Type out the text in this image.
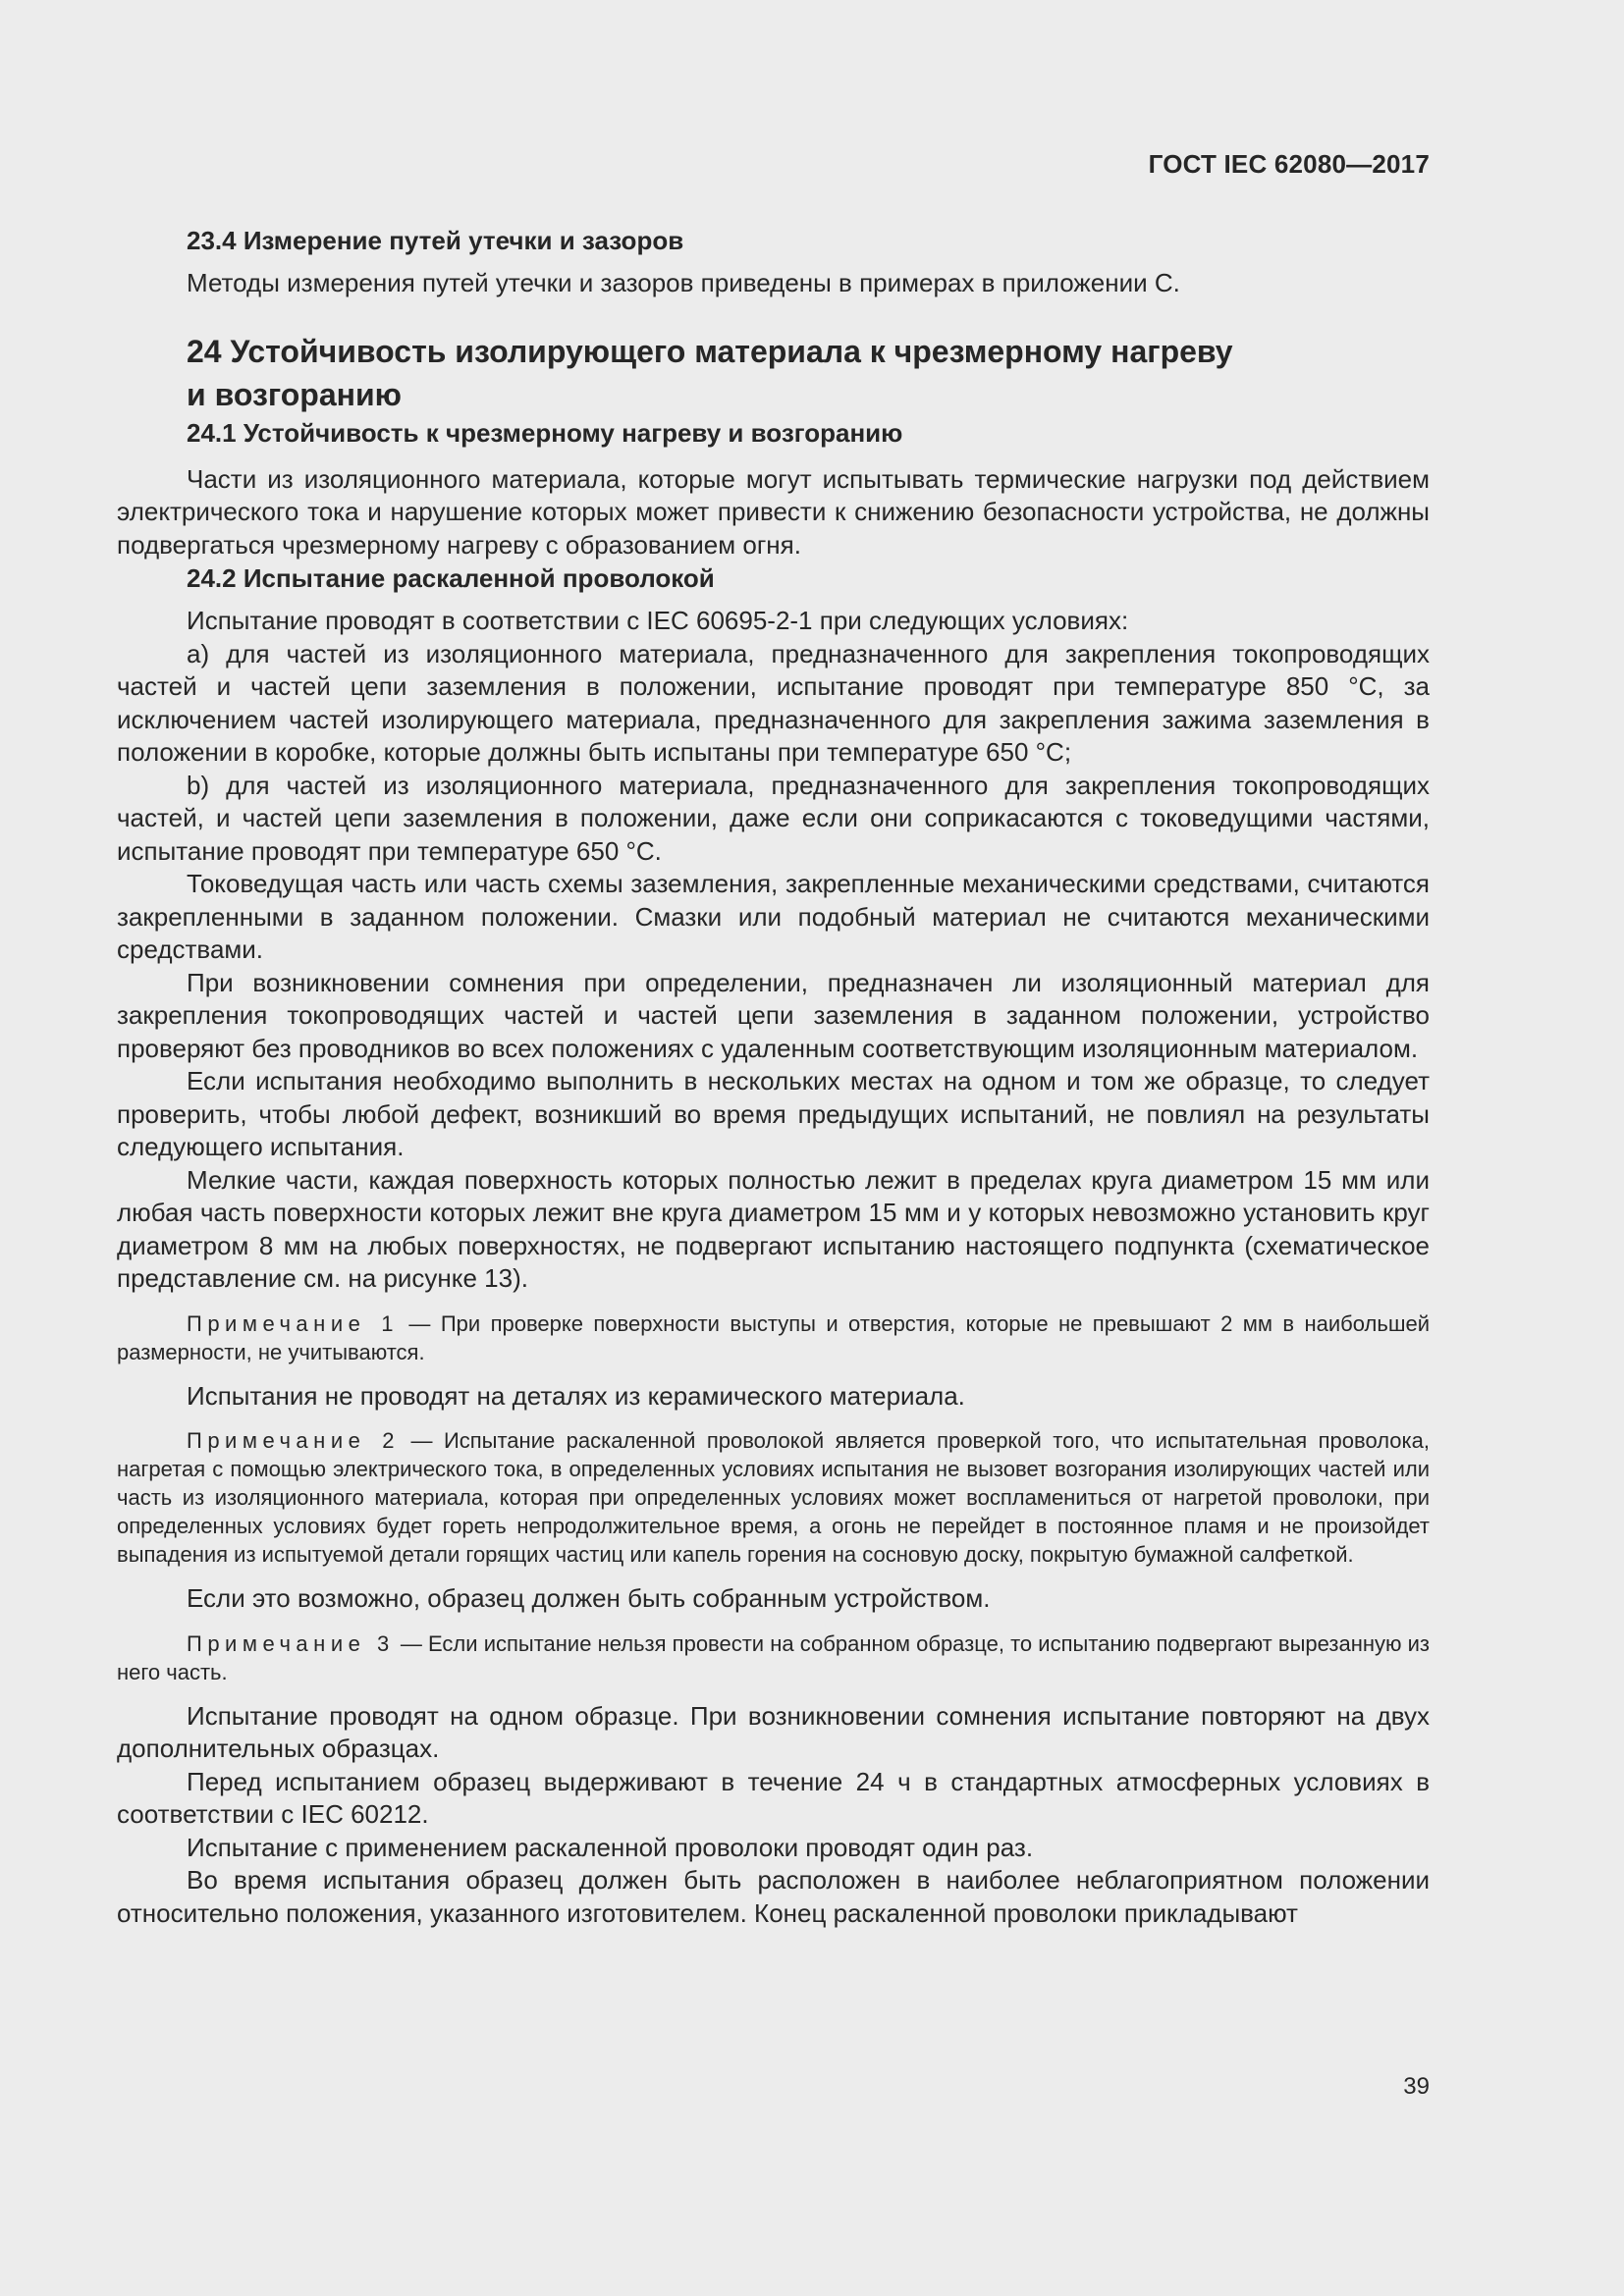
ГОСТ IEC 62080—2017
23.4 Измерение путей утечки и зазоров

Методы измерения путей утечки и зазоров приведены в примерах в приложении С.

24 Устойчивость изолирующего материала к чрезмерному нагреву
и возгоранию
24.1 Устойчивость к чрезмерному нагреву и возгоранию

Части из изоляционного материала, которые могут испытывать термические нагрузки под действием электрического тока и нарушение которых может привести к снижению безопасности устройства, не должны подвергаться чрезмерному нагреву с образованием огня.

24.2 Испытание раскаленной проволокой

Испытание проводят в соответствии с IEC 60695-2-1 при следующих условиях:

а) для частей из изоляционного материала, предназначенного для закрепления токопроводящих частей и частей цепи заземления в положении, испытание проводят при температуре 850 °C, за исключением частей изолирующего материала, предназначенного для закрепления зажима заземления в положении в коробке, которые должны быть испытаны при температуре 650 °C;

b) для частей из изоляционного материала, предназначенного для закрепления токопроводящих частей, и частей цепи заземления в положении, даже если они соприкасаются с токоведущими частями, испытание проводят при температуре 650 °C.

Токоведущая часть или часть схемы заземления, закрепленные механическими средствами, считаются закрепленными в заданном положении. Смазки или подобный материал не считаются механическими средствами.

При возникновении сомнения при определении, предназначен ли изоляционный материал для закрепления токопроводящих частей и частей цепи заземления в заданном положении, устройство проверяют без проводников во всех положениях с удаленным соответствующим изоляционным материалом.

Если испытания необходимо выполнить в нескольких местах на одном и том же образце, то следует проверить, чтобы любой дефект, возникший во время предыдущих испытаний, не повлиял на результаты следующего испытания.

Мелкие части, каждая поверхность которых полностью лежит в пределах круга диаметром 15 мм или любая часть поверхности которых лежит вне круга диаметром 15 мм и у которых невозможно установить круг диаметром 8 мм на любых поверхностях, не подвергают испытанию настоящего подпункта (схематическое представление см. на рисунке 13).

Примечание 1 — При проверке поверхности выступы и отверстия, которые не превышают 2 мм в наибольшей размерности, не учитываются.

Испытания не проводят на деталях из керамического материала.

Примечание 2 — Испытание раскаленной проволокой является проверкой того, что испытательная проволока, нагретая с помощью электрического тока, в определенных условиях испытания не вызовет возгорания изолирующих частей или часть из изоляционного материала, которая при определенных условиях может воспламениться от нагретой проволоки, при определенных условиях будет гореть непродолжительное время, а огонь не перейдет в постоянное пламя и не произойдет выпадения из испытуемой детали горящих частиц или капель горения на сосновую доску, покрытую бумажной салфеткой.

Если это возможно, образец должен быть собранным устройством.

Примечание 3 — Если испытание нельзя провести на собранном образце, то испытанию подвергают вырезанную из него часть.

Испытание проводят на одном образце. При возникновении сомнения испытание повторяют на двух дополнительных образцах.

Перед испытанием образец выдерживают в течение 24 ч в стандартных атмосферных условиях в соответствии с IEC 60212.

Испытание с применением раскаленной проволоки проводят один раз.

Во время испытания образец должен быть расположен в наиболее неблагоприятном положении относительно положения, указанного изготовителем. Конец раскаленной проволоки прикладывают

39
